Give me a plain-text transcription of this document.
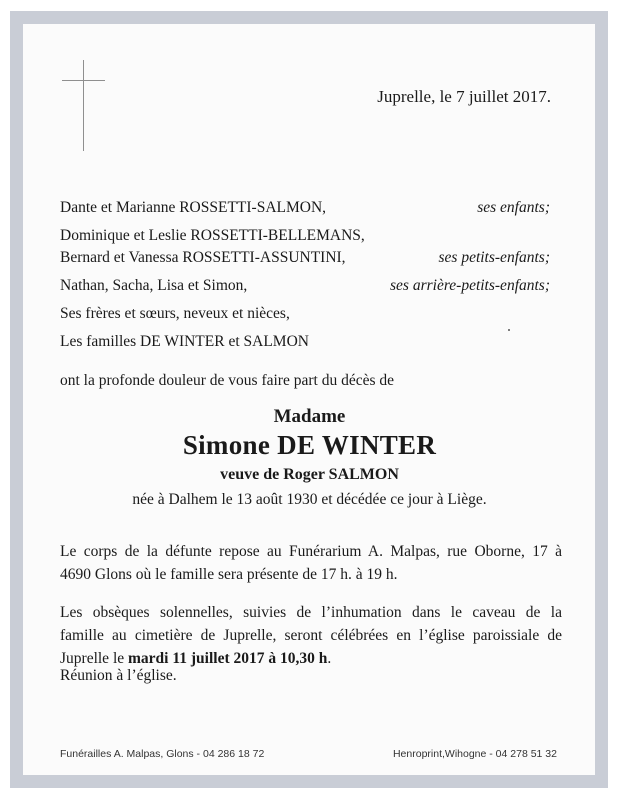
Juprelle, le 7 juillet 2017.
Dante et Marianne ROSSETTI-SALMON,	ses enfants;
Dominique et Leslie ROSSETTI-BELLEMANS,
Bernard et Vanessa ROSSETTI-ASSUNTINI,	ses petits-enfants;
Nathan, Sacha, Lisa et Simon,	ses arrière-petits-enfants;
Ses frères et sœurs, neveux et nièces,
Les familles DE WINTER et SALMON
ont la profonde douleur de vous faire part du décès de
Madame
Simone DE WINTER
veuve de Roger SALMON
née à Dalhem le 13 août 1930 et décédée ce jour à Liège.
Le corps de la défunte repose au Funérarium A. Malpas, rue Oborne, 17 à
4690 Glons où le famille sera présente de 17 h. à 19 h.
Les obsèques solennelles, suivies de l’inhumation dans le caveau de la
famille au cimetière de Juprelle, seront célébrées en l’église paroissiale de
Juprelle le mardi 11 juillet 2017 à 10,30 h.
Réunion à l’église.
Funérailles A. Malpas, Glons - 04 286 18 72	Henroprint,Wihogne - 04 278 51 32
